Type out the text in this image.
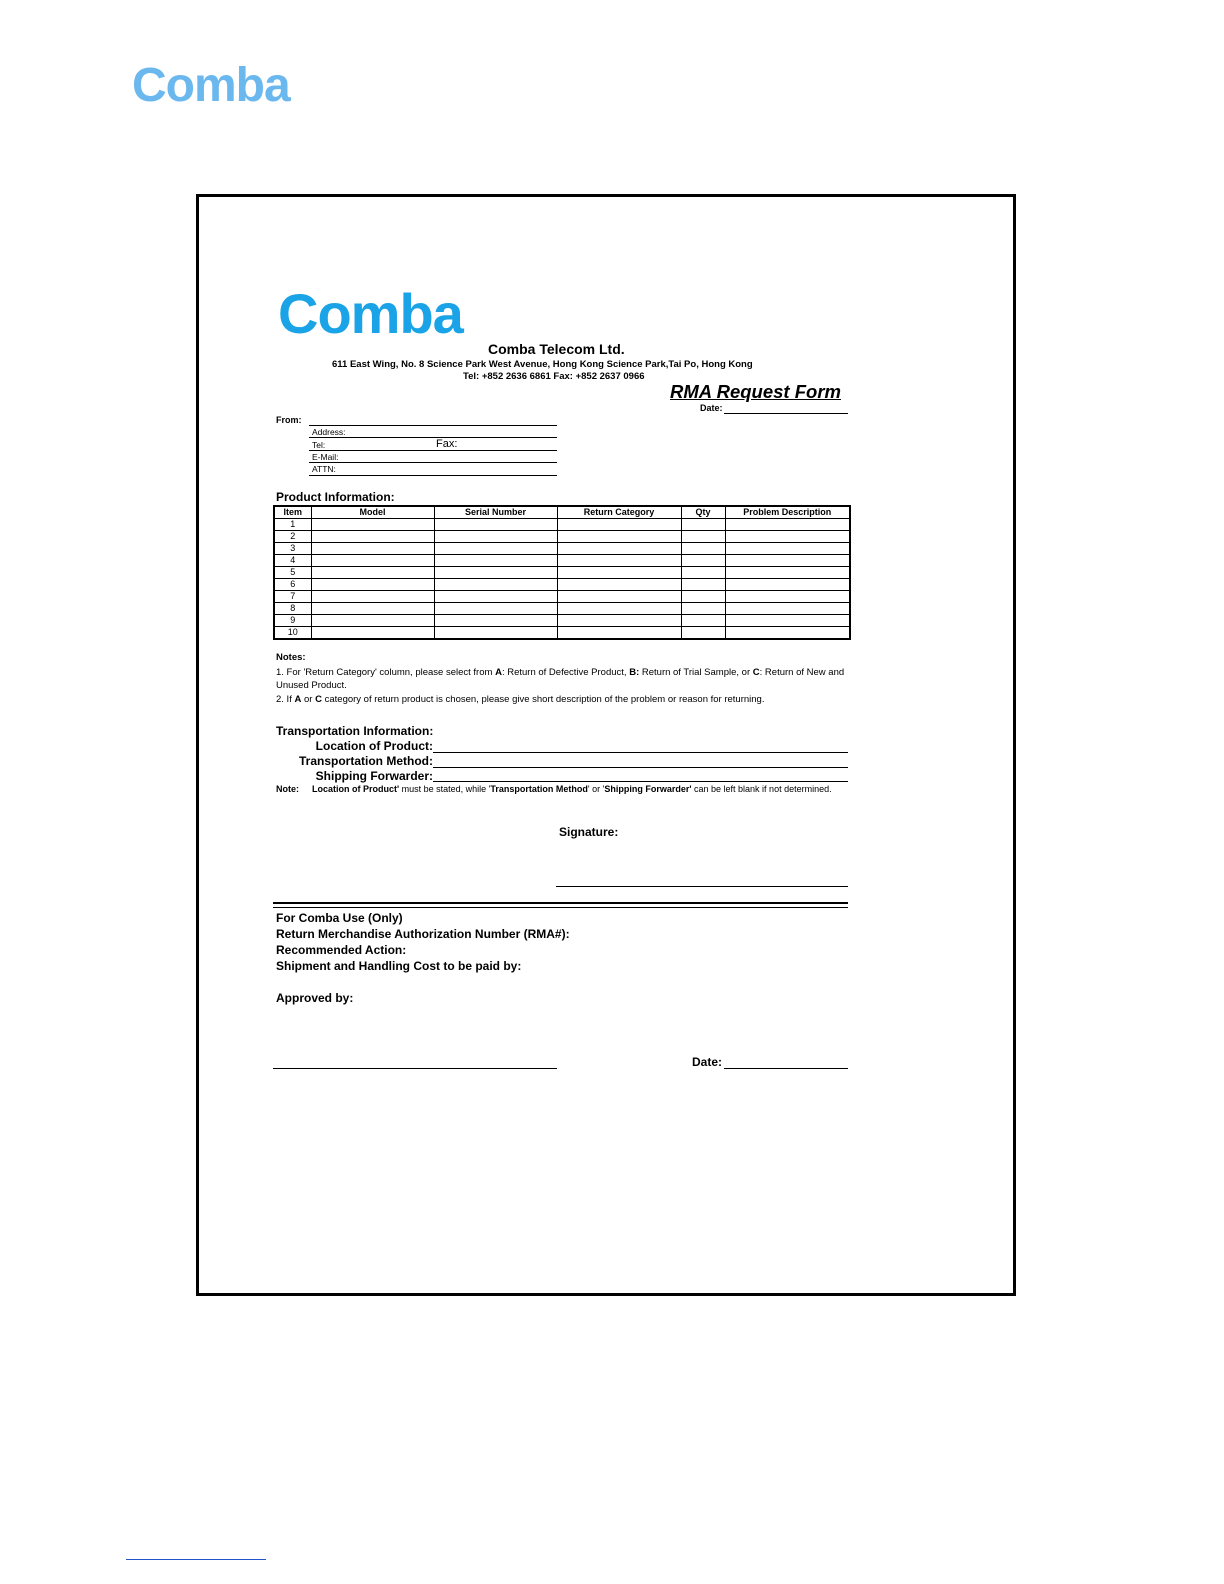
Comba
Comba
Comba Telecom Ltd.
611 East Wing, No. 8 Science Park West Avenue, Hong Kong Science Park,Tai Po, Hong Kong
Tel: +852 2636 6861 Fax: +852 2637 0966
RMA Request Form
Date:
From:
Address:
Tel:	Fax:
E-Mail:
ATTN:
Product Information:
Item	Model	Serial Number	Return Category	Qty	Problem Description
1					
2					
3					
4					
5					
6					
7					
8					
9					
10					
Notes:
1. For 'Return Category' column, please select from A: Return of Defective Product, B: Return of Trial Sample, or C: Return of New and Unused Product.
2. If A or C category of return product is chosen, please give short description of the problem or reason for returning.
Transportation Information:
Location of Product:
Transportation Method:
Shipping Forwarder:
Note: Location of Product' must be stated, while 'Transportation Method' or 'Shipping Forwarder' can be left blank if not determined.
Signature:
For Comba Use (Only)
Return Merchandise Authorization Number (RMA#):
Recommended Action:
Shipment and Handling Cost to be paid by:
Approved by:
Date:
